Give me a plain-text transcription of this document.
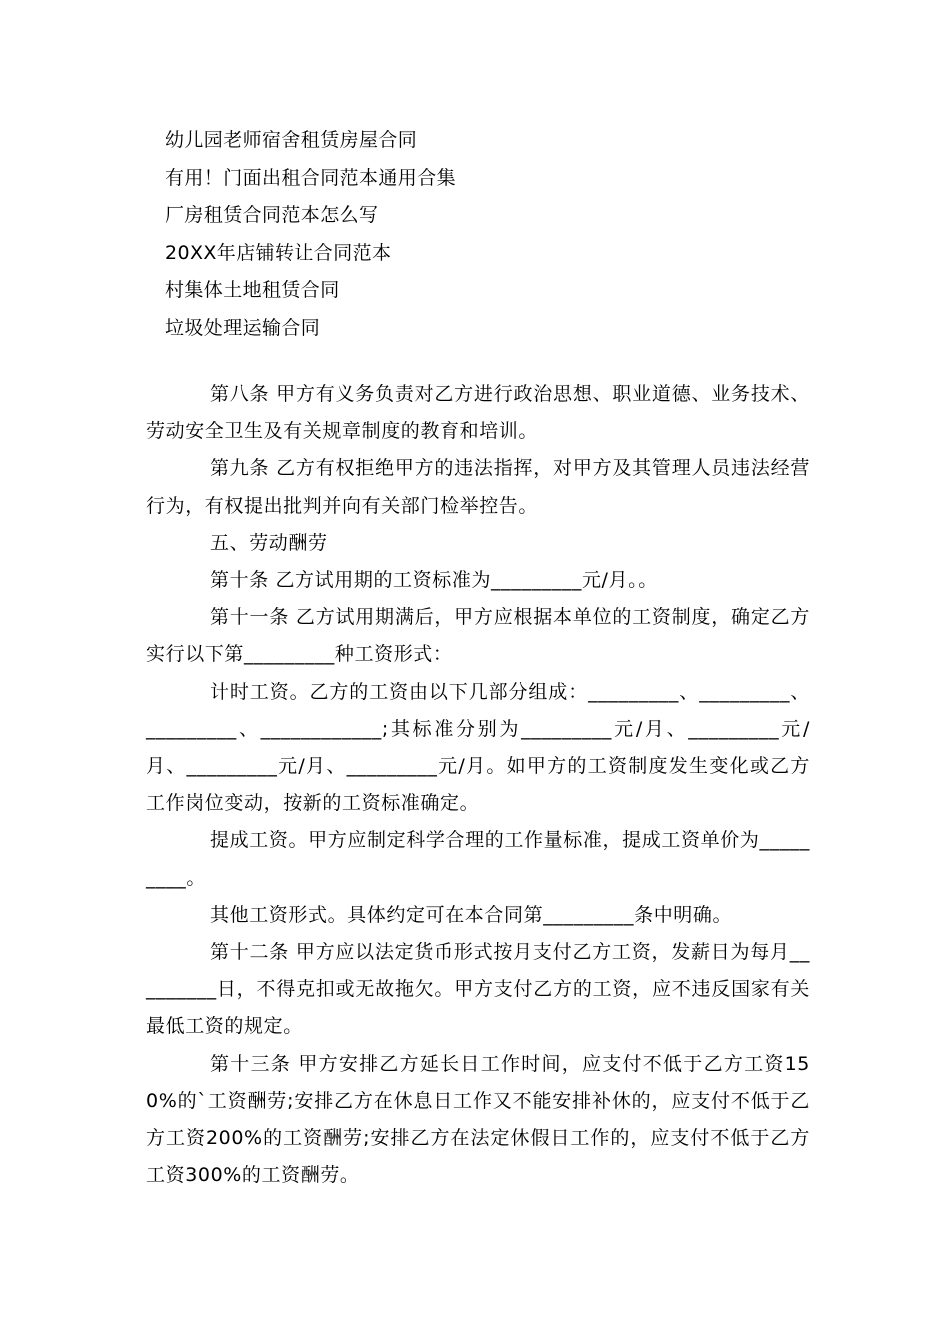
幼儿园老师宿舍租赁房屋合同
有用！门面出租合同范本通用合集
厂房租赁合同范本怎么写
20XX年店铺转让合同范本
村集体土地租赁合同
垃圾处理运输合同

第八条 甲方有义务负责对乙方进行政治思想、职业道德、业务技术、劳动安全卫生及有关规章制度的教育和培训。

第九条 乙方有权拒绝甲方的违法指挥，对甲方及其管理人员违法经营行为，有权提出批判并向有关部门检举控告。

五、劳动酬劳

第十条 乙方试用期的工资标准为_________元/月。。

第十一条 乙方试用期满后，甲方应根据本单位的工资制度，确定乙方实行以下第_________种工资形式：

计时工资。乙方的工资由以下几部分组成：_________、_________、_________、____________;其标准分别为_________元/月、_________元/月、_________元/月、_________元/月。如甲方的工资制度发生变化或乙方工作岗位变动，按新的工资标准确定。

提成工资。甲方应制定科学合理的工作量标准，提成工资单价为_________。

其他工资形式。具体约定可在本合同第_________条中明确。

第十二条 甲方应以法定货币形式按月支付乙方工资，发薪日为每月_________日，不得克扣或无故拖欠。甲方支付乙方的工资，应不违反国家有关最低工资的规定。

第十三条 甲方安排乙方延长日工作时间，应支付不低于乙方工资150%的`工资酬劳;安排乙方在休息日工作又不能安排补休的，应支付不低于乙方工资200%的工资酬劳;安排乙方在法定休假日工作的，应支付不低于乙方工资300%的工资酬劳。
